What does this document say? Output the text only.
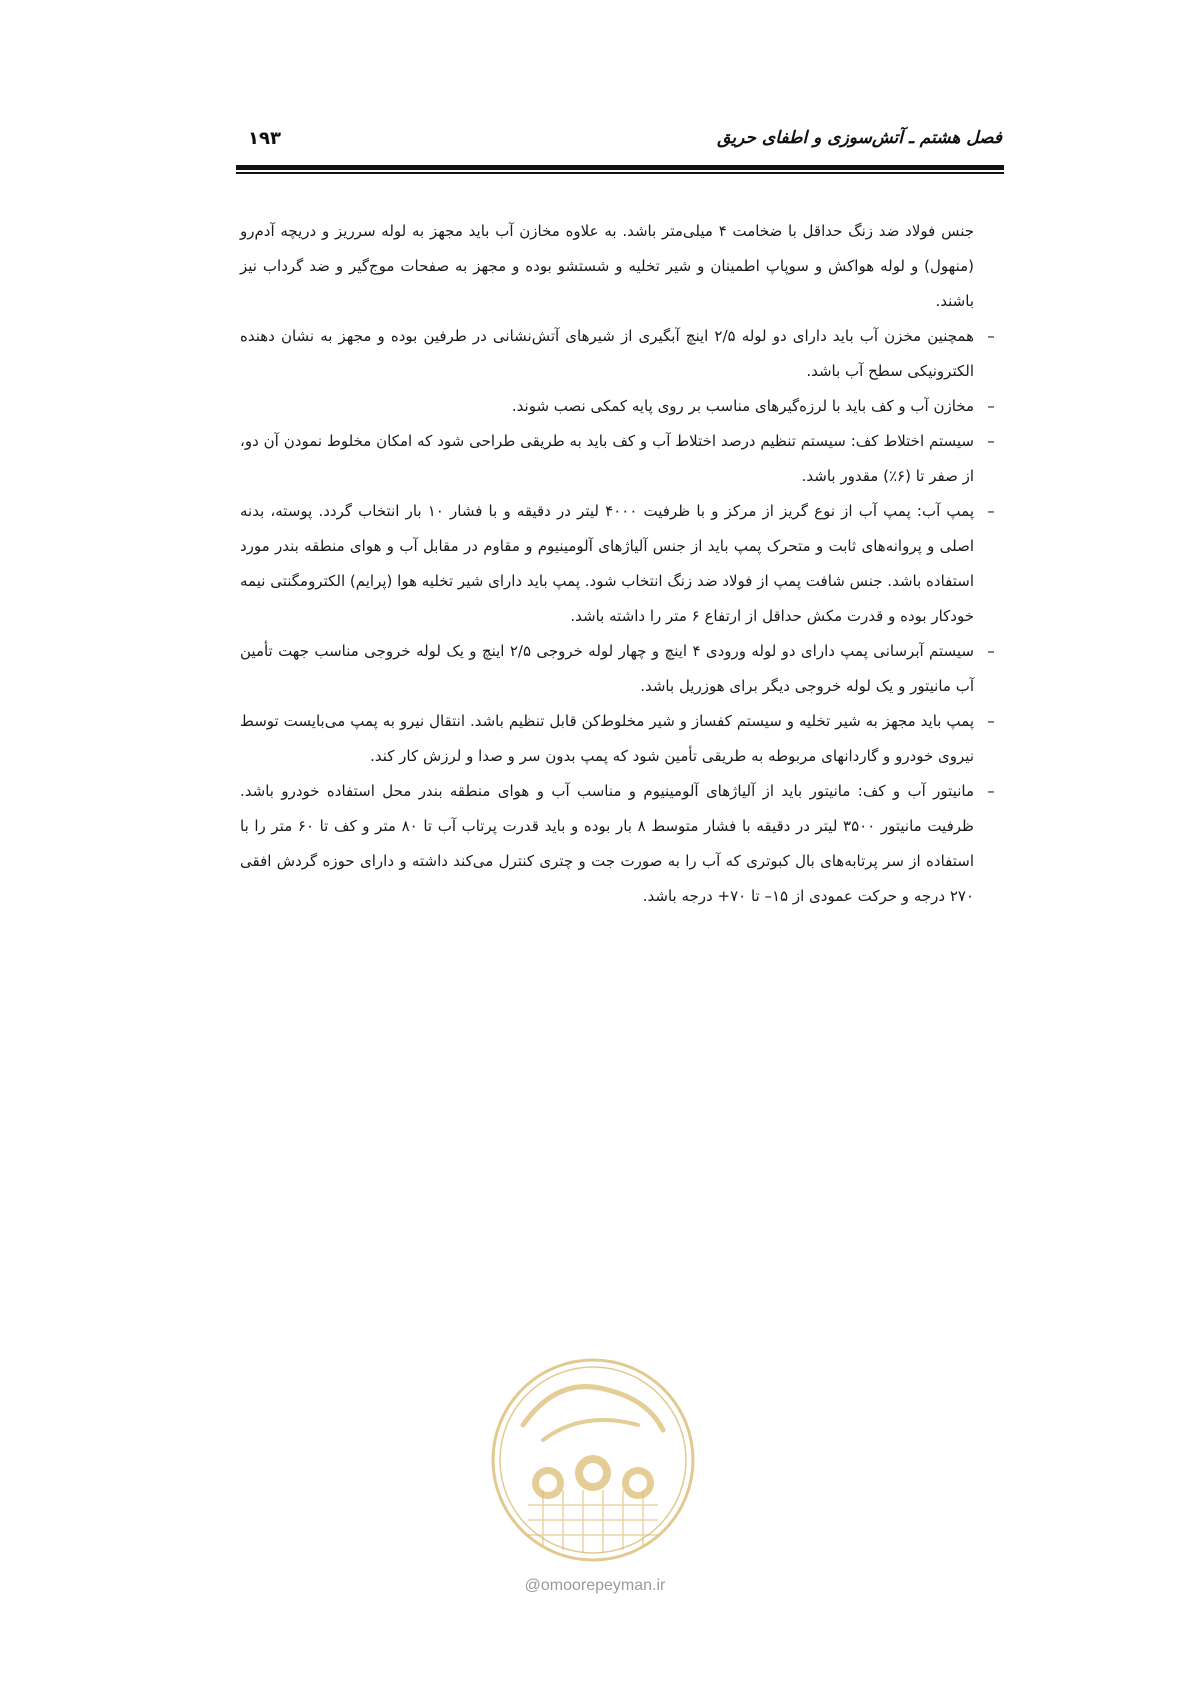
فصل هشتم ـ آتش‌سوزی و اطفای حریق
۱۹۳

جنس فولاد ضد زنگ حداقل با ضخامت ۴ میلی‌متر باشد. به علاوه مخازن آب باید مجهز به لوله سرریز و دریچه آدم‌رو (منهول) و لوله هواکش و سوپاپ اطمینان و شیر تخلیه و شستشو بوده و مجهز به صفحات موج‌گیر و ضد گرداب نیز باشند.

–
همچنین مخزن آب باید دارای دو لوله ۲/۵ اینچ آبگیری از شیرهای آتش‌نشانی در طرفین بوده و مجهز به نشان دهنده الکترونیکی سطح آب باشد.
–
مخازن آب و کف باید با لرزه‌گیرهای مناسب بر روی پایه کمکی نصب شوند.
–
سیستم اختلاط کف: سیستم تنظیم درصد اختلاط آب و کف باید به طریقی طراحی شود که امکان مخلوط نمودن آن دو، از صفر تا (۶٪) مقدور باشد.
–
پمپ آب: پمپ آب از نوع گریز از مرکز و با ظرفیت ۴۰۰۰ لیتر در دقیقه و با فشار ۱۰ بار انتخاب گردد. پوسته، بدنه اصلی و پروانه‌های ثابت و متحرک پمپ باید از جنس آلیاژهای آلومینیوم و مقاوم در مقابل آب و هوای منطقه بندر مورد استفاده باشد. جنس شافت پمپ از فولاد ضد زنگ انتخاب شود. پمپ باید دارای شیر تخلیه هوا (پرایم) الکترومگنتی نیمه خودکار بوده و قدرت مکش حداقل از ارتفاع ۶ متر را داشته باشد.
–
سیستم آبرسانی پمپ دارای دو لوله ورودی ۴ اینچ و چهار لوله خروجی ۲/۵ اینچ و یک لوله خروجی مناسب جهت تأمین آب مانیتور و یک لوله خروجی دیگر برای هوزریل باشد.
–
پمپ باید مجهز به شیر تخلیه و سیستم کفساز و شیر مخلوط‌کن قابل تنظیم باشد. انتقال نیرو به پمپ می‌بایست توسط نیروی خودرو و گاردانهای مربوطه به طریقی تأمین شود که پمپ بدون سر و صدا و لرزش کار کند.
–
مانیتور آب و کف: مانیتور باید از آلیاژهای آلومینیوم و مناسب آب و هوای منطقه بندر محل استفاده خودرو باشد. ظرفیت مانیتور ۳۵۰۰ لیتر در دقیقه با فشار متوسط ۸ بار بوده و باید قدرت پرتاب آب تا ۸۰ متر و کف تا ۶۰ متر را با استفاده از سر پرتابه‌های بال کبوتری که آب را به صورت جت و چتری کنترل می‌کند داشته و دارای حوزه گردش افقی ۲۷۰ درجه و حرکت عمودی از ۱۵– تا ۷۰+ درجه باشد.
@omoorepeyman.ir
